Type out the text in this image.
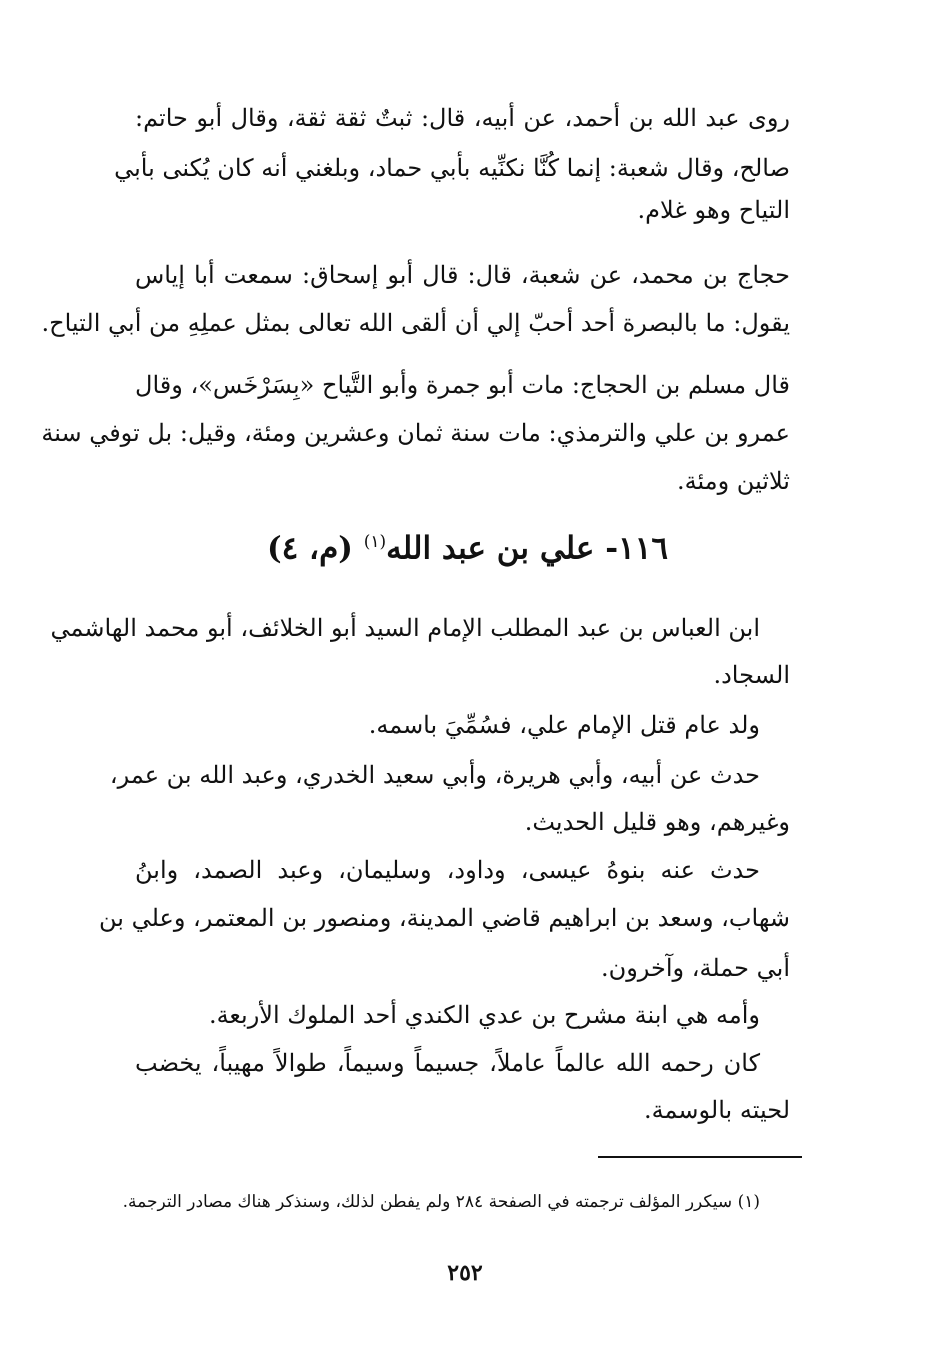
روى عبد الله بن أحمد، عن أبيه، قال: ثبتٌ ثقة ثقة، وقال أبو حاتم:
صالح، وقال شعبة: إنما كُنَّا نكنِّيه بأبي حماد، وبلغني أنه كان يُكنى بأبي
التياح وهو غلام.
حجاج بن محمد، عن شعبة، قال: قال أبو إسحاق: سمعت أبا إياس
يقول: ما بالبصرة أحد أحبّ إلي أن ألقى الله تعالى بمثل عملِهِ من أبي التياح.
قال مسلم بن الحجاج: مات أبو جمرة وأبو التَّياح «بِسَرْخَس»، وقال
عمرو بن علي والترمذي: مات سنة ثمان وعشرين ومئة، وقيل: بل توفي سنة
ثلاثين ومئة.
١١٦- علي بن عبد الله$^{(١)}$ (م، ٤)
ابن العباس بن عبد المطلب الإمام السيد أبو الخلائف، أبو محمد الهاشمي
السجاد.
ولد عام قتل الإمام علي، فسُمِّيَ باسمه.
حدث عن أبيه، وأبي هريرة، وأبي سعيد الخدري، وعبد الله بن عمر،
وغيرهم، وهو قليل الحديث.
حدث عنه بنوهُ عيسى، وداود، وسليمان، وعبد الصمد، وابنُ
شهاب، وسعد بن ابراهيم قاضي المدينة، ومنصور بن المعتمر، وعلي بن
أبي حملة، وآخرون.
وأمه هي ابنة مشرح بن عدي الكندي أحد الملوك الأربعة.
كان رحمه الله عالماً عاملاً، جسيماً وسيماً، طوالاً مهيباً، يخضب
لحيته بالوسمة.
(١) سيكرر المؤلف ترجمته في الصفحة ٢٨٤ ولم يفطن لذلك، وسنذكر هناك مصادر الترجمة.
٢٥٢
